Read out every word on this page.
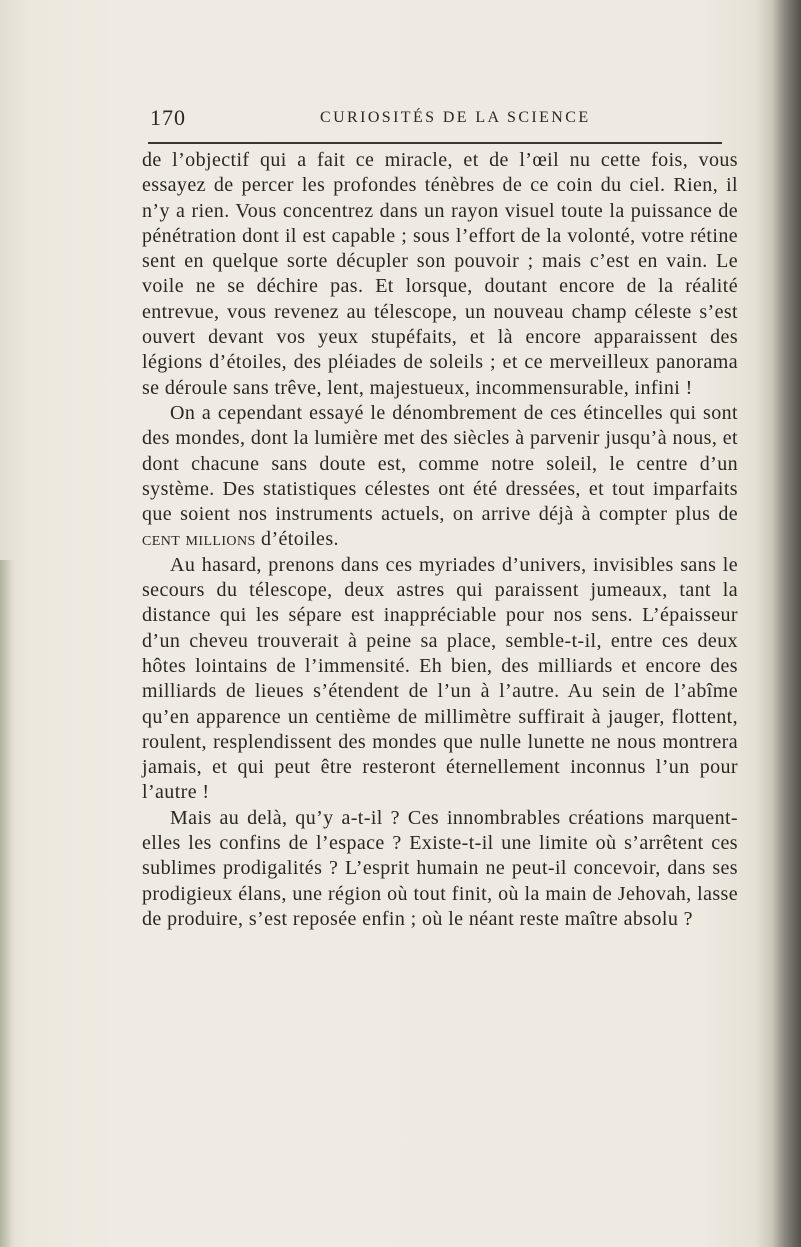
170	CURIOSITÉS DE LA SCIENCE

de l’objectif qui a fait ce miracle, et de l’œil nu cette fois, vous essayez de percer les profondes ténèbres de ce coin du ciel. Rien, il n’y a rien. Vous concentrez dans un rayon visuel toute la puissance de pénétration dont il est capable ; sous l’effort de la volonté, votre rétine sent en quelque sorte décupler son pouvoir ; mais c’est en vain. Le voile ne se déchire pas. Et lorsque, doutant encore de la réalité entrevue, vous revenez au télescope, un nouveau champ céleste s’est ouvert devant vos yeux stupéfaits, et là encore apparaissent des légions d’étoiles, des pléiades de soleils ; et ce merveilleux panorama se déroule sans trêve, lent, majestueux, incommensurable, infini !

On a cependant essayé le dénombrement de ces étincelles qui sont des mondes, dont la lumière met des siècles à parvenir jusqu’à nous, et dont chacune sans doute est, comme notre soleil, le centre d’un système. Des statistiques célestes ont été dressées, et tout imparfaits que soient nos instruments actuels, on arrive déjà à compter plus de cent millions d’étoiles.

Au hasard, prenons dans ces myriades d’univers, invisibles sans le secours du télescope, deux astres qui paraissent jumeaux, tant la distance qui les sépare est inappréciable pour nos sens. L’épaisseur d’un cheveu trouverait à peine sa place, semble-t-il, entre ces deux hôtes lointains de l’immensité. Eh bien, des milliards et encore des milliards de lieues s’étendent de l’un à l’autre. Au sein de l’abîme qu’en apparence un centième de millimètre suffirait à jauger, flottent, roulent, resplendissent des mondes que nulle lunette ne nous montrera jamais, et qui peut être resteront éternellement inconnus l’un pour l’autre !

Mais au delà, qu’y a-t-il ? Ces innombrables créations marquent-elles les confins de l’espace ? Existe-t-il une limite où s’arrêtent ces sublimes prodigalités ? L’esprit humain ne peut-il concevoir, dans ses prodigieux élans, une région où tout finit, où la main de Jehovah, lasse de produire, s’est reposée enfin ; où le néant reste maître absolu ?
